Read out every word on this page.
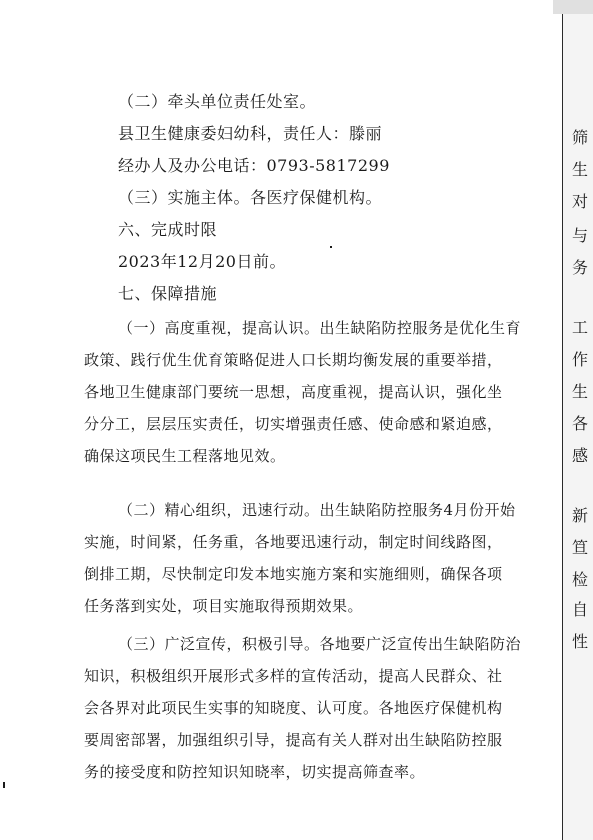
（二）牵头单位责任处室。
县卫生健康委妇幼科，责任人：滕丽
经办人及办公电话：0793-5817299
（三）实施主体。各医疗保健机构。
六、完成时限
2023年12月20日前。
七、保障措施
（一）高度重视，提高认识。出生缺陷防控服务是优化生育
政策、践行优生优育策略促进人口长期均衡发展的重要举措，
各地卫生健康部门要统一思想，高度重视，提高认识，强化坐
分分工，层层压实责任，切实增强责任感、使命感和紧迫感，
确保这项民生工程落地见效。
（二）精心组织，迅速行动。出生缺陷防控服务4月份开始
实施，时间紧，任务重，各地要迅速行动，制定时间线路图，
倒排工期，尽快制定印发本地实施方案和实施细则，确保各项
任务落到实处，项目实施取得预期效果。
（三）广泛宣传，积极引导。各地要广泛宣传出生缺陷防治
知识，积极组织开展形式多样的宣传活动，提高人民群众、社
会各界对此项民生实事的知晓度、认可度。各地医疗保健机构
要周密部署，加强组织引导，提高有关人群对出生缺陷防控服
务的接受度和防控知识知晓率，切实提高筛查率。
筛
生
对
与
务
工
作
生
各
感
新
笪
检
自
性
